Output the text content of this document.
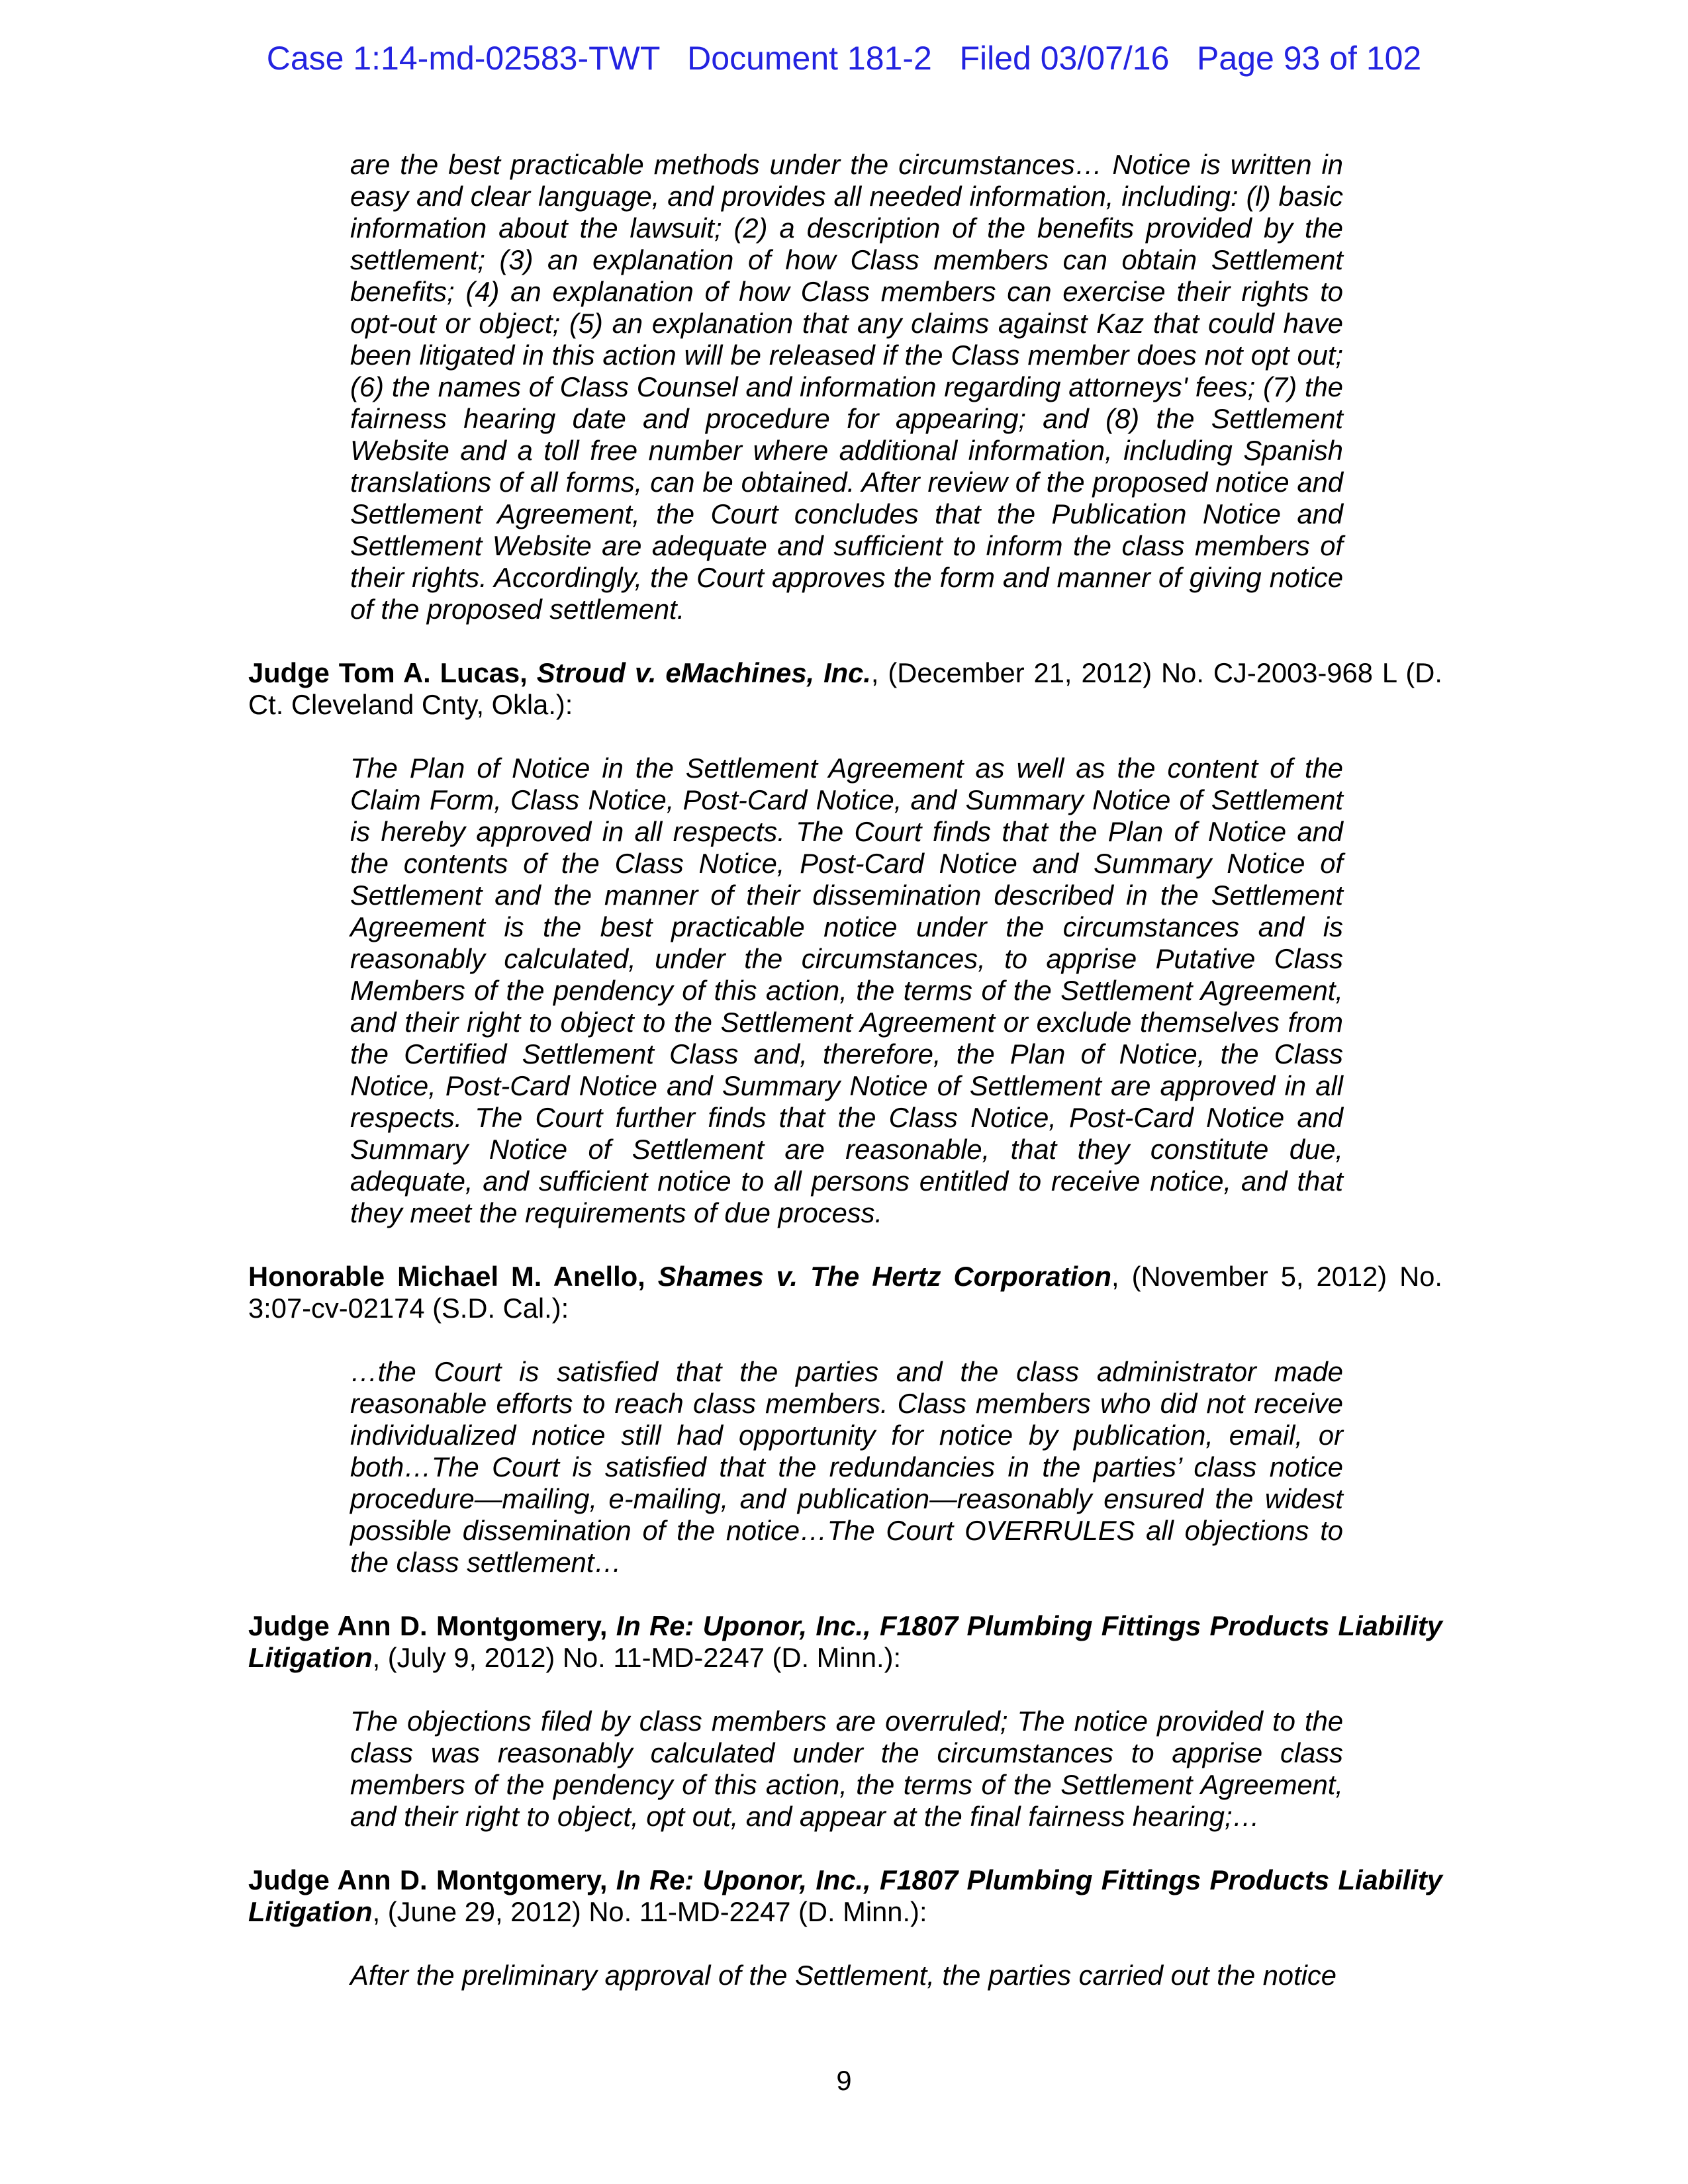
Case 1:14-md-02583-TWT   Document 181-2   Filed 03/07/16   Page 93 of 102
are the best practicable methods under the circumstances… Notice is written in
easy and clear language, and provides all needed information, including: (l) basic
information about the lawsuit; (2) a description of the benefits provided by the
settlement; (3) an explanation of how Class members can obtain Settlement
benefits; (4) an explanation of how Class members can exercise their rights to
opt-out or object; (5) an explanation that any claims against Kaz that could have
been litigated in this action will be released if the Class member does not opt out;
(6) the names of Class Counsel and information regarding attorneys' fees; (7) the
fairness hearing date and procedure for appearing; and (8) the Settlement
Website and a toll free number where additional information, including Spanish
translations of all forms, can be obtained. After review of the proposed notice and
Settlement Agreement, the Court concludes that the Publication Notice and
Settlement Website are adequate and sufficient to inform the class members of
their rights. Accordingly, the Court approves the form and manner of giving notice
of the proposed settlement.
Judge Tom A. Lucas, Stroud v. eMachines, Inc., (December 21, 2012) No. CJ-2003-968 L (D.
Ct. Cleveland Cnty, Okla.):
The Plan of Notice in the Settlement Agreement as well as the content of the
Claim Form, Class Notice, Post-Card Notice, and Summary Notice of Settlement
is hereby approved in all respects. The Court finds that the Plan of Notice and
the contents of the Class Notice, Post-Card Notice and Summary Notice of
Settlement and the manner of their dissemination described in the Settlement
Agreement is the best practicable notice under the circumstances and is
reasonably calculated, under the circumstances, to apprise Putative Class
Members of the pendency of this action, the terms of the Settlement Agreement,
and their right to object to the Settlement Agreement or exclude themselves from
the Certified Settlement Class and, therefore, the Plan of Notice, the Class
Notice, Post-Card Notice and Summary Notice of Settlement are approved in all
respects. The Court further finds that the Class Notice, Post-Card Notice and
Summary Notice of Settlement are reasonable, that they constitute due,
adequate, and sufficient notice to all persons entitled to receive notice, and that
they meet the requirements of due process.
Honorable Michael M. Anello, Shames v. The Hertz Corporation, (November 5, 2012) No.
3:07-cv-02174 (S.D. Cal.):
…the Court is satisfied that the parties and the class administrator made
reasonable efforts to reach class members. Class members who did not receive
individualized notice still had opportunity for notice by publication, email, or
both…The Court is satisfied that the redundancies in the parties’ class notice
procedure—mailing, e-mailing, and publication—reasonably ensured the widest
possible dissemination of the notice…The Court OVERRULES all objections to
the class settlement…
Judge Ann D. Montgomery, In Re: Uponor, Inc., F1807 Plumbing Fittings Products Liability
Litigation, (July 9, 2012) No. 11-MD-2247 (D. Minn.):
The objections filed by class members are overruled; The notice provided to the
class was reasonably calculated under the circumstances to apprise class
members of the pendency of this action, the terms of the Settlement Agreement,
and their right to object, opt out, and appear at the final fairness hearing;…
Judge Ann D. Montgomery, In Re: Uponor, Inc., F1807 Plumbing Fittings Products Liability
Litigation, (June 29, 2012) No. 11-MD-2247 (D. Minn.):
After the preliminary approval of the Settlement, the parties carried out the notice
9
